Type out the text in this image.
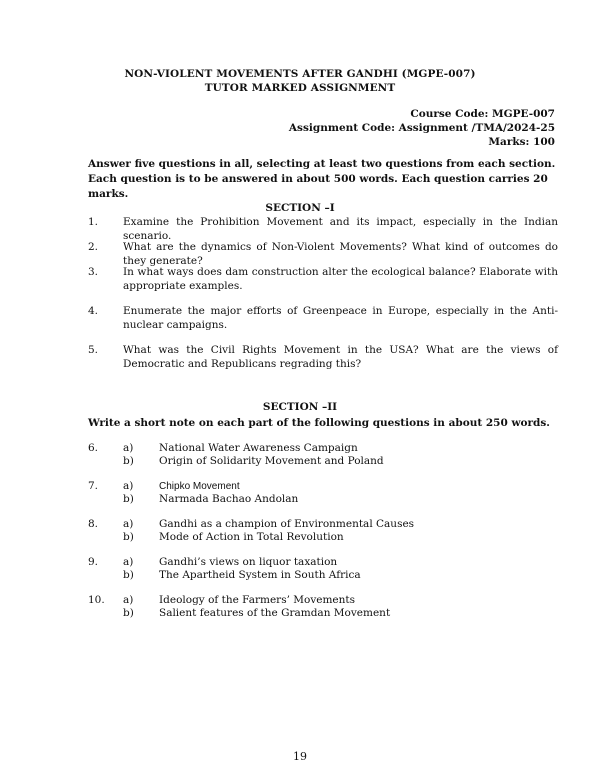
NON-VIOLENT MOVEMENTS AFTER GANDHI (MGPE-007)
TUTOR MARKED ASSIGNMENT
Course Code: MGPE-007
Assignment Code: Assignment /TMA/2024-25
Marks: 100
Answer five questions in all, selecting at least two questions from each section. Each question is to be answered in about 500 words. Each question carries 20 marks.
SECTION –I
1. Examine the Prohibition Movement and its impact, especially in the Indian scenario.
2. What are the dynamics of Non-Violent Movements? What kind of outcomes do they generate?
3. In what ways does dam construction alter the ecological balance? Elaborate with appropriate examples.
4. Enumerate the major efforts of Greenpeace in Europe, especially in the Anti-nuclear campaigns.
5. What was the Civil Rights Movement in the USA? What are the views of Democratic and Republicans regrading this?
SECTION –II
Write a short note on each part of the following questions in about 250 words.
6.	a) National Water Awareness Campaign
b) Origin of Solidarity Movement and Poland
7.	a)	Chipko Movement
b) Narmada Bachao Andolan
8.	a) Gandhi as a champion of Environmental Causes
b) Mode of Action in Total Revolution
9.	a) Gandhi’s views on liquor taxation
b) The Apartheid System in South Africa
10.	a) Ideology of the Farmers’ Movements
b) Salient features of the Gramdan Movement
19
